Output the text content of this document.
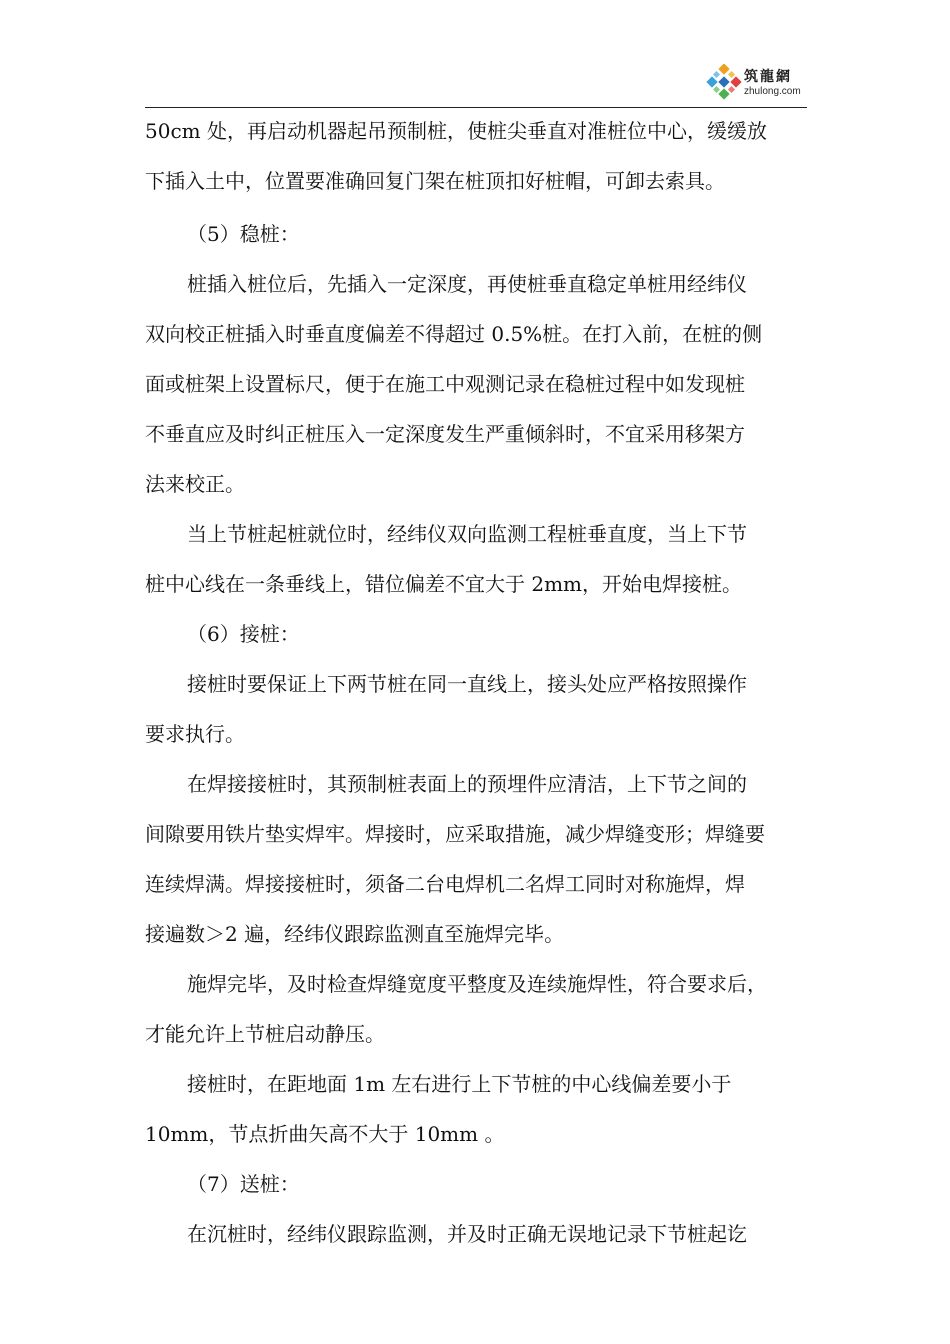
筑龍網
zhulong.com
50cm 处，再启动机器起吊预制桩，使桩尖垂直对准桩位中心，缓缓放
下插入土中，位置要准确回复门架在桩顶扣好桩帽，可卸去索具。
（5）稳桩：
桩插入桩位后，先插入一定深度，再使桩垂直稳定单桩用经纬仪
双向校正桩插入时垂直度偏差不得超过 0.5%桩。在打入前，在桩的侧
面或桩架上设置标尺，便于在施工中观测记录在稳桩过程中如发现桩
不垂直应及时纠正桩压入一定深度发生严重倾斜时，不宜采用移架方
法来校正。
当上节桩起桩就位时，经纬仪双向监测工程桩垂直度，当上下节
桩中心线在一条垂线上，错位偏差不宜大于 2mm，开始电焊接桩。
（6）接桩：
接桩时要保证上下两节桩在同一直线上，接头处应严格按照操作
要求执行。
在焊接接桩时，其预制桩表面上的预埋件应清洁，上下节之间的
间隙要用铁片垫实焊牢。焊接时，应采取措施，减少焊缝变形；焊缝要
连续焊满。焊接接桩时，须备二台电焊机二名焊工同时对称施焊，焊
接遍数＞2 遍，经纬仪跟踪监测直至施焊完毕。
施焊完毕，及时检查焊缝宽度平整度及连续施焊性，符合要求后，
才能允许上节桩启动静压。
接桩时，在距地面 1m 左右进行上下节桩的中心线偏差要小于
10mm，节点折曲矢高不大于 10mm 。
（7）送桩：
在沉桩时，经纬仪跟踪监测，并及时正确无误地记录下节桩起讫
